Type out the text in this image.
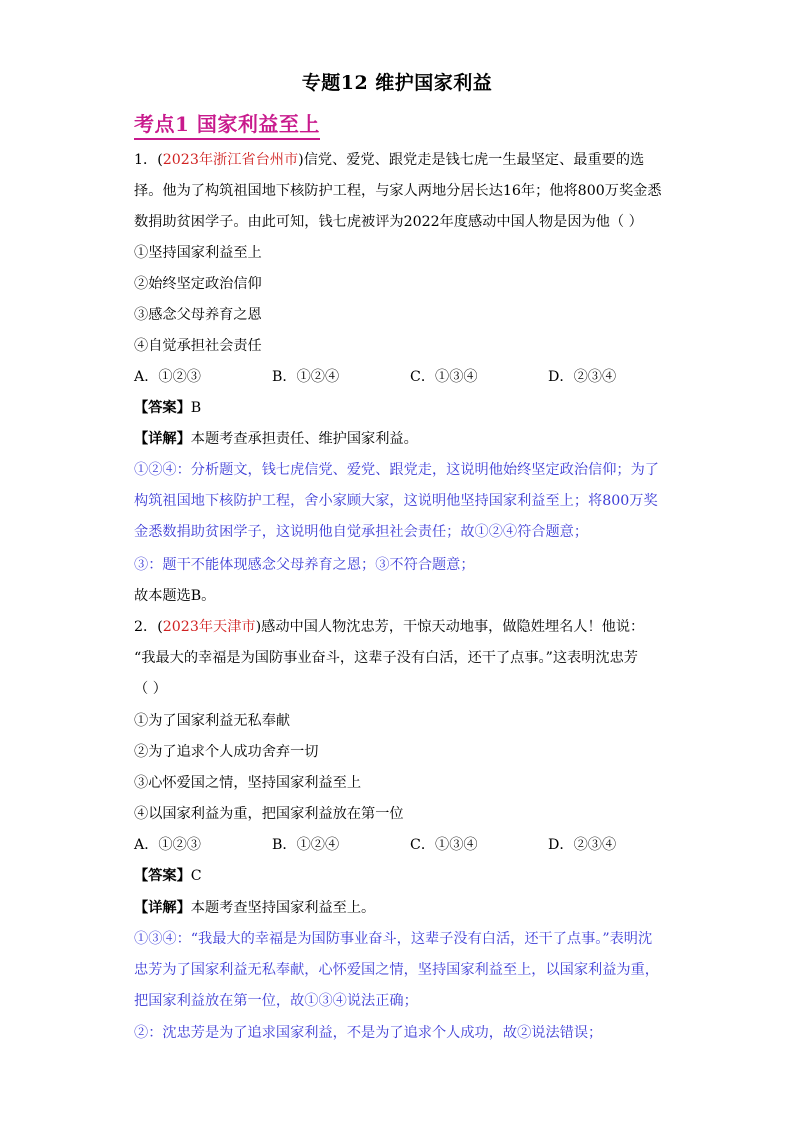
专题12 维护国家利益
考点1 国家利益至上
1．(2023年浙江省台州市)信党、爱党、跟党走是钱七虎一生最坚定、最重要的选
择。他为了构筑祖国地下核防护工程，与家人两地分居长达16年；他将800万奖金悉
数捐助贫困学子。由此可知，钱七虎被评为2022年度感动中国人物是因为他（ ）
①坚持国家利益至上
②始终坚定政治信仰
③感念父母养育之恩
④自觉承担社会责任
A．①②③	B．①②④	C．①③④	D．②③④
【答案】B
【详解】本题考查承担责任、维护国家利益。
①②④：分析题文，钱七虎信党、爱党、跟党走，这说明他始终坚定政治信仰；为了
构筑祖国地下核防护工程，舍小家顾大家，这说明他坚持国家利益至上；将800万奖
金悉数捐助贫困学子，这说明他自觉承担社会责任；故①②④符合题意；
③：题干不能体现感念父母养育之恩；③不符合题意；
故本题选B。
2．(2023年天津市)感动中国人物沈忠芳，干惊天动地事，做隐姓埋名人！他说：
“我最大的幸福是为国防事业奋斗，这辈子没有白活，还干了点事。”这表明沈忠芳
（ ）
①为了国家利益无私奉献
②为了追求个人成功舍弃一切
③心怀爱国之情，坚持国家利益至上
④以国家利益为重，把国家利益放在第一位
A．①②③	B．①②④	C．①③④	D．②③④
【答案】C
【详解】本题考查坚持国家利益至上。
①③④：“我最大的幸福是为国防事业奋斗，这辈子没有白活，还干了点事。”表明沈
忠芳为了国家利益无私奉献，心怀爱国之情，坚持国家利益至上，以国家利益为重，
把国家利益放在第一位，故①③④说法正确；
②：沈忠芳是为了追求国家利益，不是为了追求个人成功，故②说法错误；
